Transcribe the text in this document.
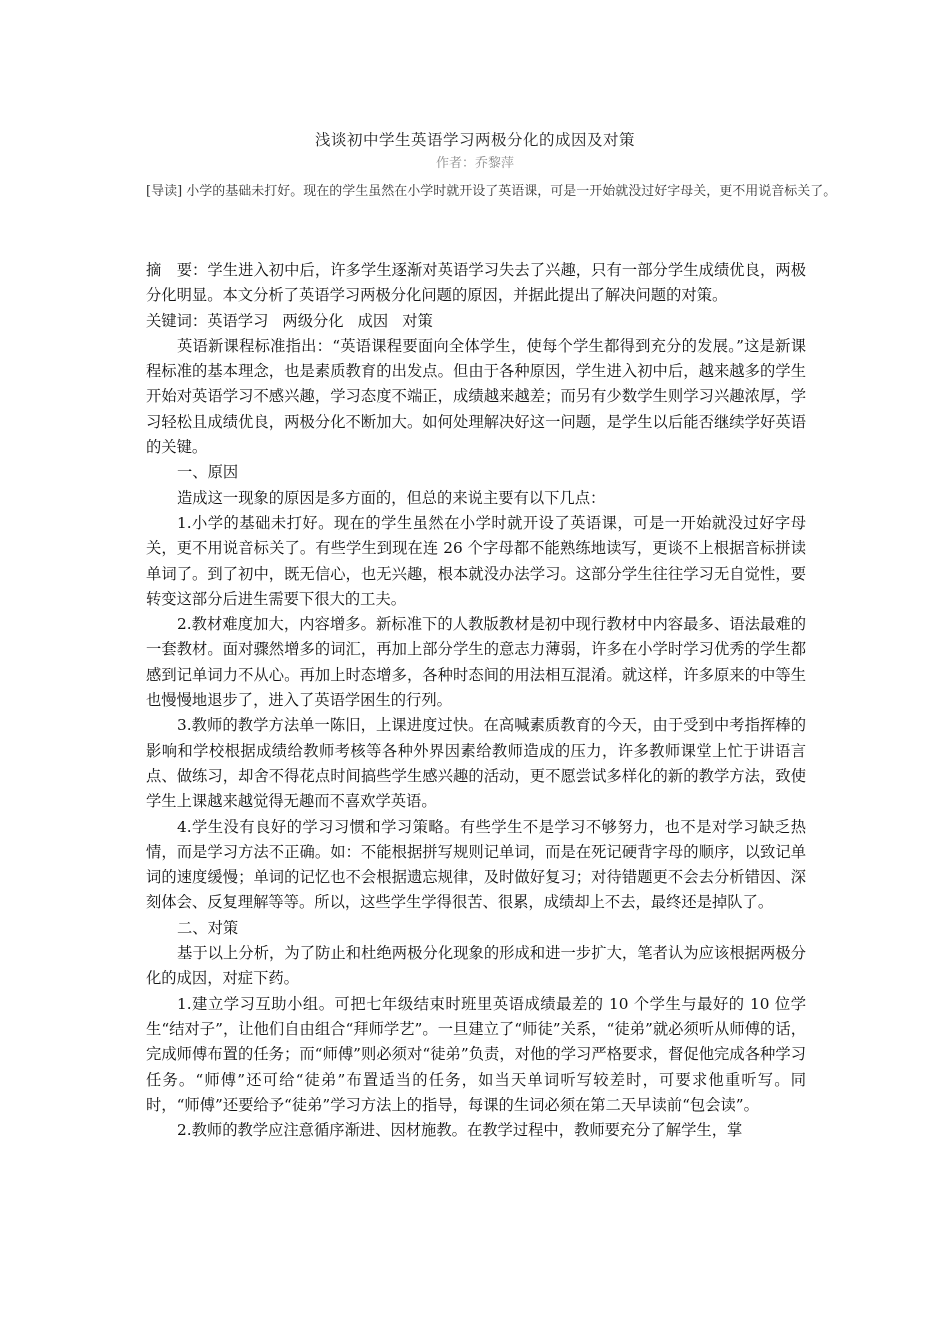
浅谈初中学生英语学习两极分化的成因及对策
作者：乔黎萍
[导读] 小学的基础未打好。现在的学生虽然在小学时就开设了英语课，可是一开始就没过好字母关，更不用说音标关了。

摘　要：学生进入初中后，许多学生逐渐对英语学习失去了兴趣，只有一部分学生成绩优良，两极分化明显。本文分析了英语学习两极分化问题的原因，并据此提出了解决问题的对策。

关键词：英语学习 两级分化 成因 对策

英语新课程标准指出：“英语课程要面向全体学生，使每个学生都得到充分的发展。”这是新课程标准的基本理念，也是素质教育的出发点。但由于各种原因，学生进入初中后，越来越多的学生开始对英语学习不感兴趣，学习态度不端正，成绩越来越差；而另有少数学生则学习兴趣浓厚，学习轻松且成绩优良，两极分化不断加大。如何处理解决好这一问题，是学生以后能否继续学好英语的关键。

一、原因

造成这一现象的原因是多方面的，但总的来说主要有以下几点：

1.小学的基础未打好。现在的学生虽然在小学时就开设了英语课，可是一开始就没过好字母关，更不用说音标关了。有些学生到现在连 26 个字母都不能熟练地读写，更谈不上根据音标拼读单词了。到了初中，既无信心，也无兴趣，根本就没办法学习。这部分学生往往学习无自觉性，要转变这部分后进生需要下很大的工夫。

2.教材难度加大，内容增多。新标准下的人教版教材是初中现行教材中内容最多、语法最难的一套教材。面对骤然增多的词汇，再加上部分学生的意志力薄弱，许多在小学时学习优秀的学生都感到记单词力不从心。再加上时态增多，各种时态间的用法相互混淆。就这样，许多原来的中等生也慢慢地退步了，进入了英语学困生的行列。

3.教师的教学方法单一陈旧，上课进度过快。在高喊素质教育的今天，由于受到中考指挥棒的影响和学校根据成绩给教师考核等各种外界因素给教师造成的压力，许多教师课堂上忙于讲语言点、做练习，却舍不得花点时间搞些学生感兴趣的活动，更不愿尝试多样化的新的教学方法，致使学生上课越来越觉得无趣而不喜欢学英语。

4.学生没有良好的学习习惯和学习策略。有些学生不是学习不够努力，也不是对学习缺乏热情，而是学习方法不正确。如：不能根据拼写规则记单词，而是在死记硬背字母的顺序，以致记单词的速度缓慢；单词的记忆也不会根据遗忘规律，及时做好复习；对待错题更不会去分析错因、深刻体会、反复理解等等。所以，这些学生学得很苦、很累，成绩却上不去，最终还是掉队了。

二、对策

基于以上分析，为了防止和杜绝两极分化现象的形成和进一步扩大，笔者认为应该根据两极分化的成因，对症下药。

1.建立学习互助小组。可把七年级结束时班里英语成绩最差的 10 个学生与最好的 10 位学生“结对子”，让他们自由组合“拜师学艺”。一旦建立了“师徒”关系，“徒弟”就必须听从师傅的话，完成师傅布置的任务；而“师傅”则必须对“徒弟”负责，对他的学习严格要求，督促他完成各种学习任务。“师傅”还可给“徒弟”布置适当的任务，如当天单词听写较差时，可要求他重听写。同时，“师傅”还要给予“徒弟”学习方法上的指导，每课的生词必须在第二天早读前“包会读”。

2.教师的教学应注意循序渐进、因材施教。在教学过程中，教师要充分了解学生，掌
